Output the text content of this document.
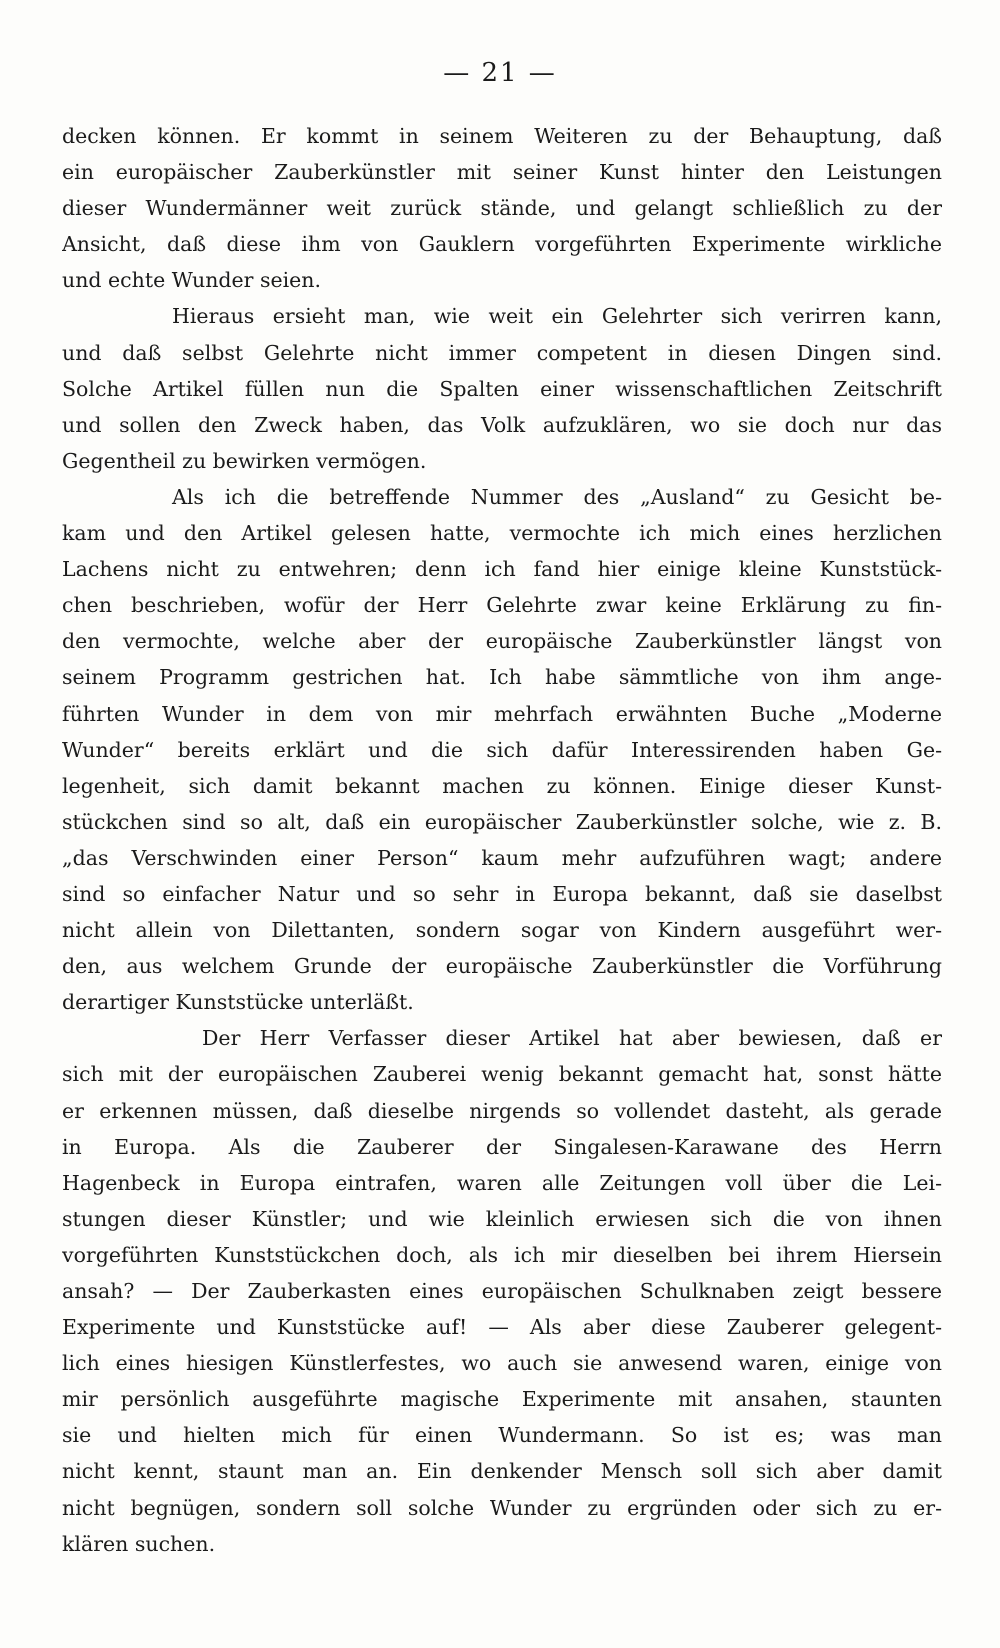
— 21 —
decken können. Er kommt in seinem Weiteren zu der Behauptung, daß
ein europäischer Zauberkünstler mit seiner Kunst hinter den Leistungen
dieser Wundermänner weit zurück stände, und gelangt schließlich zu der
Ansicht, daß diese ihm von Gauklern vorgeführten Experimente wirkliche
und echte Wunder seien.
Hieraus ersieht man, wie weit ein Gelehrter sich verirren kann,
und daß selbst Gelehrte nicht immer competent in diesen Dingen sind.
Solche Artikel füllen nun die Spalten einer wissenschaftlichen Zeitschrift
und sollen den Zweck haben, das Volk aufzuklären, wo sie doch nur das
Gegentheil zu bewirken vermögen.
Als ich die betreffende Nummer des „Ausland“ zu Gesicht be-
kam und den Artikel gelesen hatte, vermochte ich mich eines herzlichen
Lachens nicht zu entwehren; denn ich fand hier einige kleine Kunststück-
chen beschrieben, wofür der Herr Gelehrte zwar keine Erklärung zu fin-
den vermochte, welche aber der europäische Zauberkünstler längst von
seinem Programm gestrichen hat. Ich habe sämmtliche von ihm ange-
führten Wunder in dem von mir mehrfach erwähnten Buche „Moderne
Wunder“ bereits erklärt und die sich dafür Interessirenden haben Ge-
legenheit, sich damit bekannt machen zu können. Einige dieser Kunst-
stückchen sind so alt, daß ein europäischer Zauberkünstler solche, wie z. B.
„das Verschwinden einer Person“ kaum mehr aufzuführen wagt; andere
sind so einfacher Natur und so sehr in Europa bekannt, daß sie daselbst
nicht allein von Dilettanten, sondern sogar von Kindern ausgeführt wer-
den, aus welchem Grunde der europäische Zauberkünstler die Vorführung
derartiger Kunststücke unterläßt.
Der Herr Verfasser dieser Artikel hat aber bewiesen, daß er
sich mit der europäischen Zauberei wenig bekannt gemacht hat, sonst hätte
er erkennen müssen, daß dieselbe nirgends so vollendet dasteht, als gerade
in Europa. Als die Zauberer der Singalesen-Karawane des Herrn
Hagenbeck in Europa eintrafen, waren alle Zeitungen voll über die Lei-
stungen dieser Künstler; und wie kleinlich erwiesen sich die von ihnen
vorgeführten Kunststückchen doch, als ich mir dieselben bei ihrem Hiersein
ansah? — Der Zauberkasten eines europäischen Schulknaben zeigt bessere
Experimente und Kunststücke auf! — Als aber diese Zauberer gelegent-
lich eines hiesigen Künstlerfestes, wo auch sie anwesend waren, einige von
mir persönlich ausgeführte magische Experimente mit ansahen, staunten
sie und hielten mich für einen Wundermann. So ist es; was man
nicht kennt, staunt man an. Ein denkender Mensch soll sich aber damit
nicht begnügen, sondern soll solche Wunder zu ergründen oder sich zu er-
klären suchen.
